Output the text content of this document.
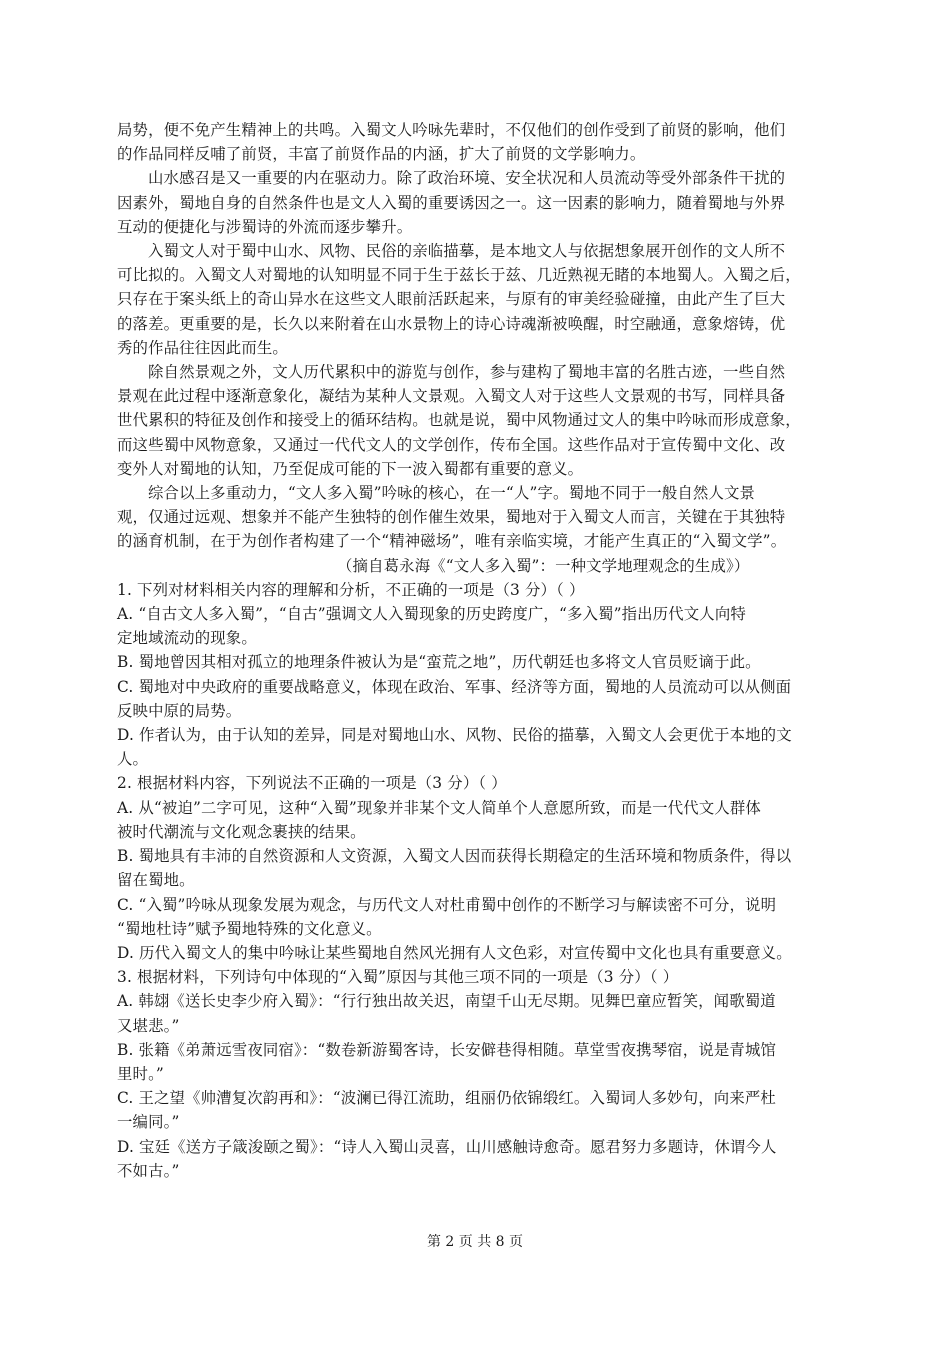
局势，便不免产生精神上的共鸣。入蜀文人吟咏先辈时，不仅他们的创作受到了前贤的影响，他们

的作品同样反哺了前贤，丰富了前贤作品的内涵，扩大了前贤的文学影响力。

山水感召是又一重要的内在驱动力。除了政治环境、安全状况和人员流动等受外部条件干扰的

因素外，蜀地自身的自然条件也是文人入蜀的重要诱因之一。这一因素的影响力，随着蜀地与外界

互动的便捷化与涉蜀诗的外流而逐步攀升。

入蜀文人对于蜀中山水、风物、民俗的亲临描摹，是本地文人与依据想象展开创作的文人所不

可比拟的。入蜀文人对蜀地的认知明显不同于生于兹长于兹、几近熟视无睹的本地蜀人。入蜀之后，

只存在于案头纸上的奇山异水在这些文人眼前活跃起来，与原有的审美经验碰撞，由此产生了巨大

的落差。更重要的是，长久以来附着在山水景物上的诗心诗魂渐被唤醒，时空融通，意象熔铸，优

秀的作品往往因此而生。

除自然景观之外，文人历代累积中的游览与创作，参与建构了蜀地丰富的名胜古迹，一些自然

景观在此过程中逐渐意象化，凝结为某种人文景观。入蜀文人对于这些人文景观的书写，同样具备

世代累积的特征及创作和接受上的循环结构。也就是说，蜀中风物通过文人的集中吟咏而形成意象，

而这些蜀中风物意象，又通过一代代文人的文学创作，传布全国。这些作品对于宣传蜀中文化、改

变外人对蜀地的认知，乃至促成可能的下一波入蜀都有重要的意义。

综合以上多重动力，“文人多入蜀”吟咏的核心，在一“人”字。蜀地不同于一般自然人文景

观，仅通过远观、想象并不能产生独特的创作催生效果，蜀地对于入蜀文人而言，关键在于其独特

的涵育机制，在于为创作者构建了一个“精神磁场”，唯有亲临实境，才能产生真正的“入蜀文学”。

（摘自葛永海《“文人多入蜀”：一种文学地理观念的生成》）

1. 下列对材料相关内容的理解和分析，不正确的一项是（3 分）（ ）

A. “自古文人多入蜀”，“自古”强调文人入蜀现象的历史跨度广，“多入蜀”指出历代文人向特

定地域流动的现象。

B. 蜀地曾因其相对孤立的地理条件被认为是“蛮荒之地”，历代朝廷也多将文人官员贬谪于此。

C. 蜀地对中央政府的重要战略意义，体现在政治、军事、经济等方面，蜀地的人员流动可以从侧面

反映中原的局势。

D. 作者认为，由于认知的差异，同是对蜀地山水、风物、民俗的描摹，入蜀文人会更优于本地的文

人。

2. 根据材料内容，下列说法不正确的一项是（3 分）（ ）

A. 从“被迫”二字可见，这种“入蜀”现象并非某个文人简单个人意愿所致，而是一代代文人群体

被时代潮流与文化观念裹挟的结果。

B. 蜀地具有丰沛的自然资源和人文资源，入蜀文人因而获得长期稳定的生活环境和物质条件，得以

留在蜀地。

C. “入蜀”吟咏从现象发展为观念，与历代文人对杜甫蜀中创作的不断学习与解读密不可分，说明

“蜀地杜诗”赋予蜀地特殊的文化意义。

D. 历代入蜀文人的集中吟咏让某些蜀地自然风光拥有人文色彩，对宣传蜀中文化也具有重要意义。

3. 根据材料，下列诗句中体现的“入蜀”原因与其他三项不同的一项是（3 分）（ ）

A. 韩翃《送长史李少府入蜀》：“行行独出故关迟，南望千山无尽期。见舞巴童应暂笑，闻歌蜀道

又堪悲。”

B. 张籍《弟萧远雪夜同宿》：“数卷新游蜀客诗，长安僻巷得相随。草堂雪夜携琴宿，说是青城馆

里时。”

C. 王之望《帅漕复次韵再和》：“波澜已得江流助，组丽仍依锦缎红。入蜀词人多妙句，向来严杜

一编同。”

D. 宝廷《送方子箴浚颐之蜀》：“诗人入蜀山灵喜，山川感触诗愈奇。愿君努力多题诗，休谓今人

不如古。”

第 2 页 共 8 页
